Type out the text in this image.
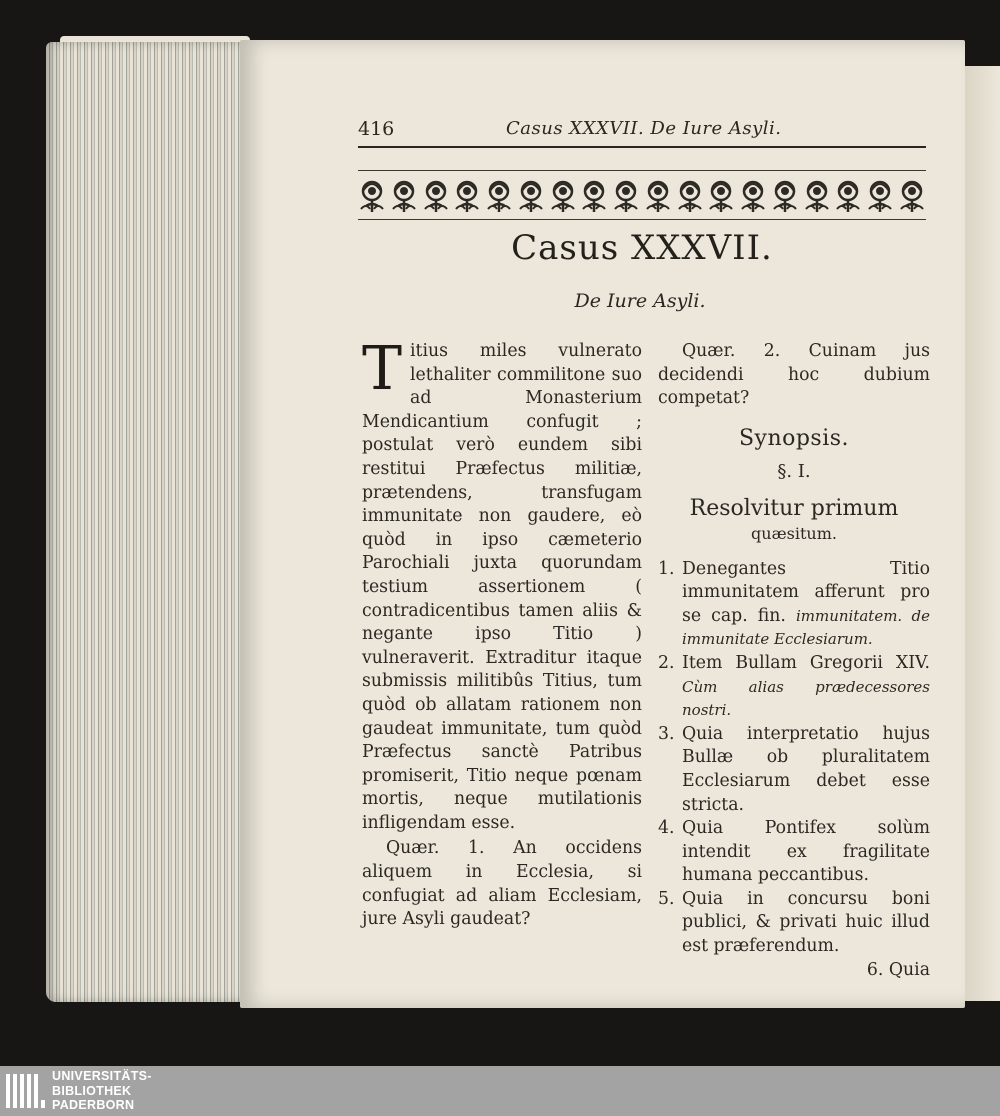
416	Casus XXXVII. De Iure Asyli.
Casus XXXVII.
De Iure Asyli.

Titius miles vulnerato lethaliter commilitone suo ad Monasterium Mendicantium confugit ; postulat verò eundem sibi restitui Præfectus militiæ, prætendens, transfugam immunitate non gaudere, eò quòd in ipso cæmeterio Parochiali juxta quorundam testium assertionem ( contradicentibus tamen aliis & negante ipso Titio ) vulneraverit. Extraditur itaque submissis militibûs Titius, tum quòd ob allatam rationem non gaudeat immunitate, tum quòd Præfectus sanctè Patribus promiserit, Titio neque pœnam mortis, neque mutilationis infligendam esse.

Quær. 1. An occidens aliquem in Ecclesia, si confugiat ad aliam Ecclesiam, jure Asyli gaudeat?

Quær. 2. Cuinam jus decidendi hoc dubium competat?

Synopsis.
§. I.
Resolvitur primum
quæsitum.
1. Denegantes Titio immunitatem afferunt pro se cap. fin. immunitatem. de immunitate Ecclesiarum.
2. Item Bullam Gregorii XIV. Cùm alias prædecessores nostri.
3. Quia interpretatio hujus Bullæ ob pluralitatem Ecclesiarum debet esse stricta.
4. Quia Pontifex solùm intendit ex fragilitate humana peccantibus.
5. Quia in concursu boni publici, & privati huic illud est præferendum.
6. Quia
UNIVERSITÄTS-
BIBLIOTHEK
PADERBORN
